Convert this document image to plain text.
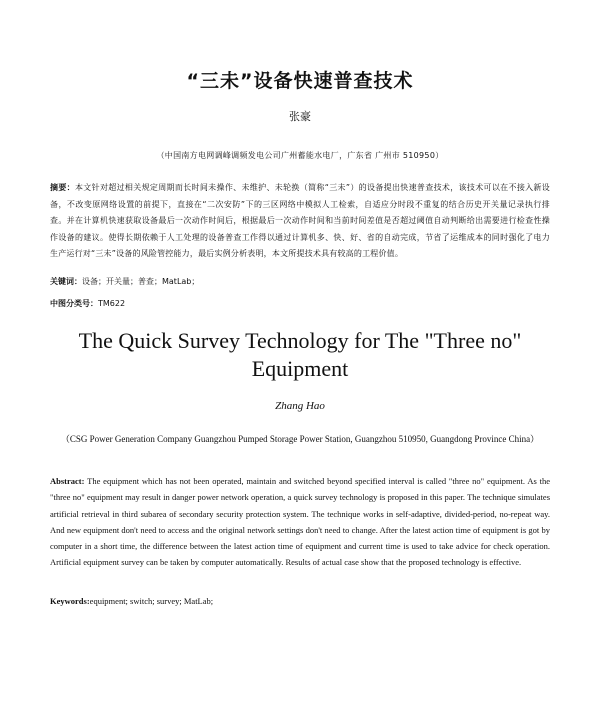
“三未”设备快速普查技术
张豪
（中国南方电网调峰调频发电公司广州蓄能水电厂，广东省 广州市 510950）
摘要：本文针对超过相关规定周期而长时间未操作、未维护、未轮换（简称“三未”）的设备提出快速普查技术，该技术可以在不接入新设备，不改变原网络设置的前提下，直接在“二次安防”下的三区网络中模拟人工检索，自适应分时段不重复的结合历史开关量记录执行排查。并在计算机快速获取设备最后一次动作时间后，根据最后一次动作时间和当前时间差值是否超过阈值自动判断给出需要进行检查性操作设备的建议。使得长期依赖于人工处理的设备普查工作得以通过计算机多、快、好、省的自动完成，节省了运维成本的同时强化了电力生产运行对“三未”设备的风险管控能力，最后实例分析表明，本文所提技术具有较高的工程价值。
关键词：设备；开关量；普查；MatLab；
中图分类号：TM622
The Quick Survey Technology for The "Three no" Equipment
Zhang Hao
（CSG Power Generation Company Guangzhou Pumped Storage Power Station, Guangzhou 510950, Guangdong Province China）
Abstract: The equipment which has not been operated, maintain and switched beyond specified interval is called "three no" equipment. As the "three no" equipment may result in danger power network operation, a quick survey technology is proposed in this paper. The technique simulates artificial retrieval in third subarea of secondary security protection system. The technique works in self-adaptive, divided-period, no-repeat way. And new equipment don't need to access and the original network settings don't need to change. After the latest action time of equipment is got by computer in a short time, the difference between the latest action time of equipment and current time is used to take advice for check operation. Artificial equipment survey can be taken by computer automatically. Results of actual case show that the proposed technology is effective.
Keywords:equipment; switch; survey; MatLab;
